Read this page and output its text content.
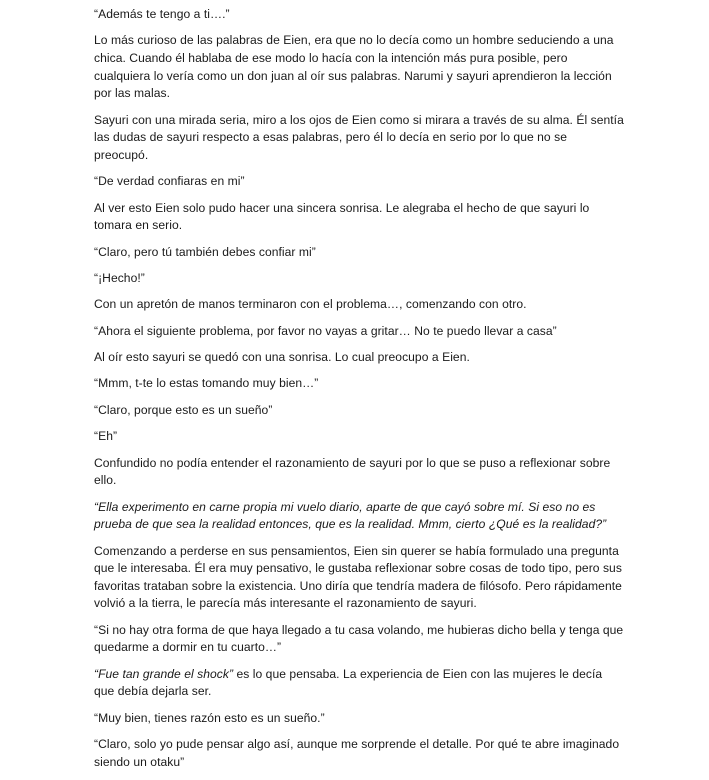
“Además te tengo a ti….”

Lo más curioso de las palabras de Eien, era que no lo decía como un hombre seduciendo a una chica. Cuando él hablaba de ese modo lo hacía con la intención más pura posible, pero cualquiera lo vería como un don juan al oír sus palabras. Narumi y sayuri aprendieron la lección por las malas.

Sayuri con una mirada seria, miro a los ojos de Eien como si mirara a través de su alma. Él sentía las dudas de sayuri respecto a esas palabras, pero él lo decía en serio por lo que no se preocupó.

“De verdad confiaras en mi”

Al ver esto Eien solo pudo hacer una sincera sonrisa. Le alegraba el hecho de que sayuri lo tomara en serio.

“Claro, pero tú también debes confiar mi”

“¡Hecho!”

Con un apretón de manos terminaron con el problema…, comenzando con otro.

“Ahora el siguiente problema, por favor no vayas a gritar… No te puedo llevar a casa”

Al oír esto sayuri se quedó con una sonrisa. Lo cual preocupo a Eien.

“Mmm, t-te lo estas tomando muy bien…”

“Claro, porque esto es un sueño”

“Eh”

Confundido no podía entender el razonamiento de sayuri por lo que se puso a reflexionar sobre ello.

“Ella experimento en carne propia mi vuelo diario, aparte de que cayó sobre mí. Si eso no es prueba de que sea la realidad entonces, que es la realidad. Mmm, cierto ¿Qué es la realidad?”

Comenzando a perderse en sus pensamientos, Eien sin querer se había formulado una pregunta que le interesaba. Él era muy pensativo, le gustaba reflexionar sobre cosas de todo tipo, pero sus favoritas trataban sobre la existencia. Uno diría que tendría madera de filósofo. Pero rápidamente volvió a la tierra, le parecía más interesante el razonamiento de sayuri.

“Si no hay otra forma de que haya llegado a tu casa volando, me hubieras dicho bella y tenga que quedarme a dormir en tu cuarto…”

“Fue tan grande el shock” es lo que pensaba. La experiencia de Eien con las mujeres le decía que debía dejarla ser.

“Muy bien, tienes razón esto es un sueño.”

“Claro, solo yo pude pensar algo así, aunque me sorprende el detalle. Por qué te abre imaginado siendo un otaku”
